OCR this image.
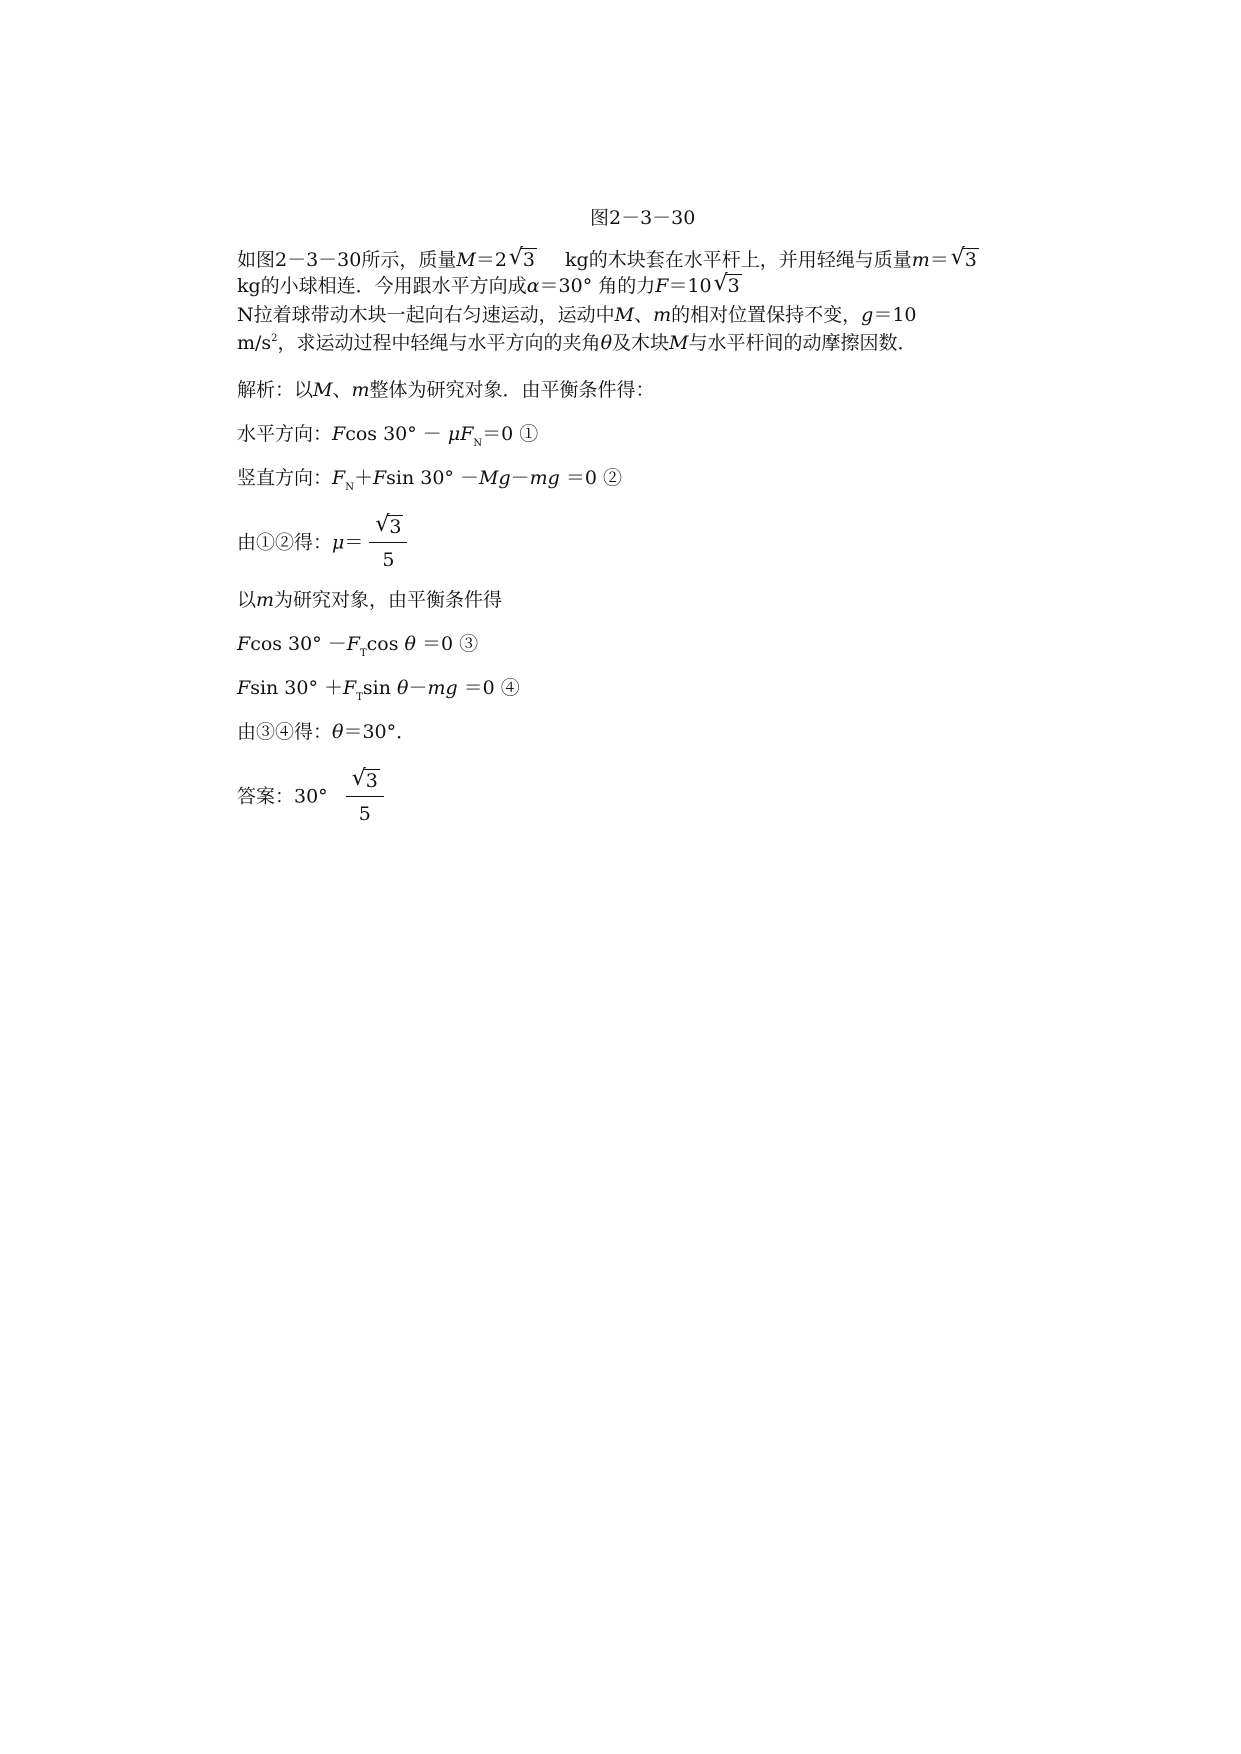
图2－3－30
如图2－3－30所示，质量M＝2 √ 3 kg的木块套在水平杆上，并用轻绳与质量m＝ √ 3
kg的小球相连．今用跟水平方向成α＝30° 角的力F＝10 √ 3
N拉着球带动木块一起向右匀速运动，运动中M、m的相对位置保持不变，g＝10
$m/s^2$，求运动过程中轻绳与水平方向的夹角θ及木块M与水平杆间的动摩擦因数．
解析：以M、m整体为研究对象．由平衡条件得：
水平方向：Fcos $30^\circ - \mu F_N=0$ ①
竖直方向：$F_N+Fsin$ 30° －Mg－mg ＝0 ②
由①②得：$\mu= \frac{√ 3}{5}$
以m为研究对象，由平衡条件得
Fcos $30^\circ -F_T\cos$ θ ＝0 ③
Fsin $30^\circ +F_T\sin$ θ－mg ＝0 ④
由③④得：θ＝30°．
答案：$30^\circ \frac{√ 3}{5}$
